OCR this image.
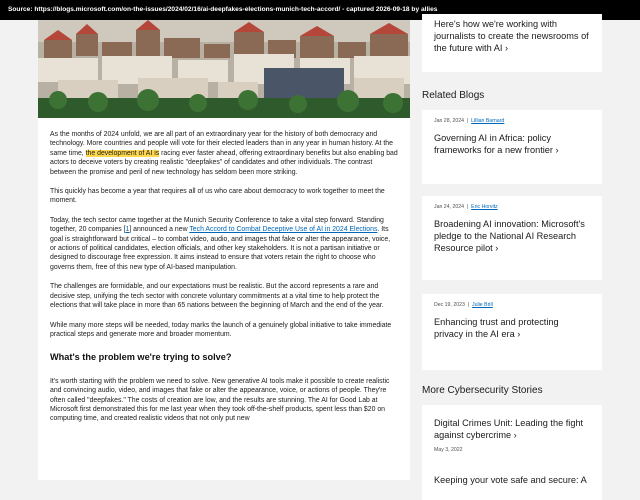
Source: https://blogs.microsoft.com/on-the-issues/2024/02/16/ai-deepfakes-elections-munich-tech-accord/ - captured 2026-09-18 by allies

As the months of 2024 unfold, we are all part of an extraordinary year for the history of both democracy and technology. More countries and people will vote for their elected leaders than in any year in human history. At the same time, the development of AI is racing ever faster ahead, offering extraordinary benefits but also enabling bad actors to deceive voters by creating realistic "deepfakes" of candidates and other individuals. The contrast between the promise and peril of new technology has seldom been more striking.

This quickly has become a year that requires all of us who care about democracy to work together to meet the moment.

Today, the tech sector came together at the Munich Security Conference to take a vital step forward. Standing together, 20 companies [1] announced a new Tech Accord to Combat Deceptive Use of AI in 2024 Elections. Its goal is straightforward but critical – to combat video, audio, and images that fake or alter the appearance, voice, or actions of political candidates, election officials, and other key stakeholders. It is not a partisan initiative or designed to discourage free expression. It aims instead to ensure that voters retain the right to choose who governs them, free of this new type of AI-based manipulation.

The challenges are formidable, and our expectations must be realistic. But the accord represents a rare and decisive step, unifying the tech sector with concrete voluntary commitments at a vital time to help protect the elections that will take place in more than 65 nations between the beginning of March and the end of the year.

While many more steps will be needed, today marks the launch of a genuinely global initiative to take immediate practical steps and generate more and broader momentum.

What's the problem we're trying to solve?

It's worth starting with the problem we need to solve. New generative AI tools make it possible to create realistic and convincing audio, video, and images that fake or alter the appearance, voice, or actions of people. They're often called "deepfakes." The costs of creation are low, and the results are stunning. The AI for Good Lab at Microsoft first demonstrated this for me last year when they took off-the-shelf products, spent less than $20 on computing time, and created realistic videos that not only put new

Here's how we're working with journalists to create the newsrooms of the future with AI ›
Related Blogs
Jan 28, 2024 | Lillian Barnard
Governing AI in Africa: policy frameworks for a new frontier ›
Jan 24, 2024 | Eric Horvitz
Broadening AI innovation: Microsoft's pledge to the National AI Research Resource pilot ›
Dec 19, 2023 | Julie Brill
Enhancing trust and protecting privacy in the AI era ›
More Cybersecurity Stories
Digital Crimes Unit: Leading the fight against cybercrime ›
May 3, 2022
Keeping your vote safe and secure: A
